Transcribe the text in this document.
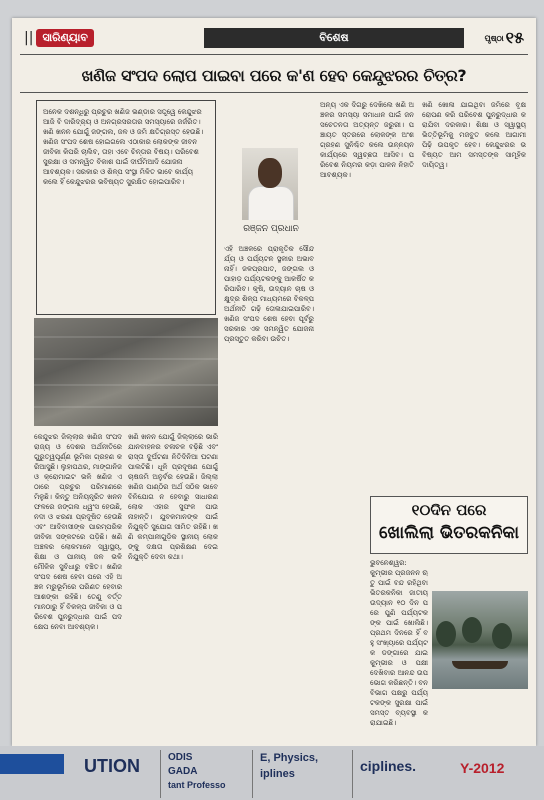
|| ସାରିଣ୍ୟାବ	ବିଶେଷ	ପୃଷ୍ଠା ୧୫
ଖଣିଜ ସଂପଦ ଲୋପ ପାଇବା ପରେ କ'ଣ ହେବ କେନ୍ଦୁଝରର ଚିତ୍ର?
ଅନେକ ଦଶନ୍ଧିରୁ ପ୍ରଚୁର ଖଣିଜ ଭଣ୍ଡାର ସତ୍ତ୍ୱେ କେନ୍ଦୁଝର ଆଜି ବି ଦାରିଦ୍ର୍ୟ ଓ ଅନଗ୍ରସରତାର ସମସ୍ୟାରେ ଜର୍ଜରିତ। ଖଣି ଖନନ ଯୋଗୁଁ ଜଙ୍ଗଲ, ଜଳ ଓ ଜମି କ୍ଷତିଗ୍ରସ୍ତ ହେଉଛି। ଖଣିଜ ସଂପଦ ଶେଷ ହୋଇଗଲେ ଏଠାକାର ଲୋକଙ୍କ ଜୀବନ ଜୀବିକା କିପରି ଚାଲିବ, ତାହା ଏବେ ଚିନ୍ତାର ବିଷୟ। ପରିବେଶ ସୁରକ୍ଷା ଓ ସମନ୍ୱିତ ବିକାଶ ପାଇଁ ଦୀର୍ଘମିଆଦି ଯୋଜନା ଆବଶ୍ୟକ। ସରକାର ଓ ଶିଳ୍ପ ସଂସ୍ଥା ମିଳିତ ଭାବେ କାର୍ଯ୍ୟ କଲେ ହିଁ କେନ୍ଦୁଝରର ଭବିଷ୍ୟତ ସୁରକ୍ଷିତ ହୋଇପାରିବ।
ରଞ୍ଜନ ପ୍ରଧାନ
କେନ୍ଦୁଝର ଜିଲ୍ଲାର ଖଣିଜ ସଂପଦ ରାଜ୍ୟ ଓ ଦେଶର ଅର୍ଥନୀତିରେ ଗୁରୁତ୍ୱପୂର୍ଣ୍ଣ ଭୂମିକା ଗ୍ରହଣ କରିଆସୁଛି। ଲୁହାପଥର, ମାଙ୍ଗାନିଜ ଓ କ୍ରୋମାଇଟ ଭଳି ଖଣିଜ ଏଠାରେ ପ୍ରଚୁର ପରିମାଣରେ ମିଳୁଛି। କିନ୍ତୁ ଅନିୟନ୍ତ୍ରିତ ଖନନ ଫଳରେ ଜଙ୍ଗଲ ଧ୍ୱଂସ ହେଉଛି, ନଦୀ ଓ ଝରଣା ପ୍ରଦୂଷିତ ହେଉଛି ଏବଂ ଆଦିବାସୀଙ୍କ ପାରମ୍ପରିକ ଜୀବିକା ସଙ୍କଟରେ ପଡ଼ିଛି। ଖଣି ଅଞ୍ଚଳର ଲୋକମାନେ ସ୍ୱାସ୍ଥ୍ୟ, ଶିକ୍ଷା ଓ ପାନୀୟ ଜଳ ଭଳି ମୌଳିକ ସୁବିଧାରୁ ବଞ୍ଚିତ। ଖଣିଜ ସଂପଦ ଶେଷ ହେବା ପରେ ଏହି ଅଞ୍ଚଳ ମରୁଭୂମିରେ ପରିଣତ ହେବାର ଆଶଙ୍କା ରହିଛି। ତେଣୁ ବର୍ତ୍ତମାନଠାରୁ ହିଁ ବିକଳ୍ପ ଜୀବିକା ଓ ପରିବେଶ ପୁନରୁଦ୍ଧାର ପାଇଁ ପଦକ୍ଷେପ ନେବା ଆବଶ୍ୟକ।
ଖଣି ଖନନ ଯୋଗୁଁ ଜିଲ୍ଲାରେ ଭାରି ଯାନବାହନର ଚଳାଚଳ ବଢ଼ିଛି ଏବଂ ରାସ୍ତା ଦୁର୍ଘଟଣା ନିତିଦିନିଆ ଘଟଣା ପାଲଟିଛି। ଧୂଳି ପ୍ରଦୂଷଣ ଯୋଗୁଁ ଚାଷଜମି ଅନୁର୍ବର ହେଉଛି। ଜିଲ୍ଲା ଖଣିଜ ପାଣ୍ଠିର ଅର୍ଥ ସଠିକ ଭାବେ ବିନିଯୋଗ ନ ହେବାରୁ ସାଧାରଣ ଲୋକ ଏହାର ସୁଫଳ ପାଉନାହାନ୍ତି। ଯୁବକମାନଙ୍କ ପାଇଁ ନିଯୁକ୍ତି ସୁଯୋଗ ସୀମିତ ରହିଛି। ଖଣି କମ୍ପାନୀଗୁଡ଼ିକ ସ୍ଥାନୀୟ ଲୋକଙ୍କୁ ଦକ୍ଷତା ପ୍ରଶିକ୍ଷଣ ଦେଇ ନିଯୁକ୍ତି ଦେବା କଥା।
ଏହି ଅଞ୍ଚଳରେ ପ୍ରାକୃତିକ ସୌନ୍ଦର୍ଯ୍ୟ ଓ ପର୍ଯ୍ୟଟନ ସ୍ଥଳୀର ଅଭାବ ନାହିଁ। ଜଳପ୍ରପାତ, ଜଙ୍ଗଲ ଓ ପାହାଡ଼ ପର୍ଯ୍ୟଟକଙ୍କୁ ଆକର୍ଷିତ କରିପାରିବ। କୃଷି, ଉଦ୍ୟାନ ଚାଷ ଓ କ୍ଷୁଦ୍ର ଶିଳ୍ପ ମାଧ୍ୟମରେ ବିକଳ୍ପ ଅର୍ଥନୀତି ଗଢ଼ି ତୋଳାଯାଇପାରିବ। ଖଣିଜ ସଂପଦ ଶେଷ ହେବା ପୂର୍ବରୁ ସରକାର ଏକ ସମନ୍ୱିତ ଯୋଜନା ପ୍ରସ୍ତୁତ କରିବା ଉଚିତ।
ଅନ୍ୟ ଏକ ଦିଗରୁ ଦେଖିଲେ ଖଣି ଅଞ୍ଚଳର ସମସ୍ୟା ସମାଧାନ ପାଇଁ ଜନସଚେତନତା ଅତ୍ୟନ୍ତ ଜରୁରୀ। ପଞ୍ଚାୟତ ସ୍ତରରେ ଲୋକଙ୍କ ଅଂଶଗ୍ରହଣ ସୁନିଶ୍ଚିତ କଲେ ଉନ୍ନୟନ କାର୍ଯ୍ୟରେ ସ୍ୱଚ୍ଛତା ଆସିବ। ପରିବେଶ ନିୟମର କଡ଼ା ପାଳନ ନିହାତି ଆବଶ୍ୟକ।
ଖଣି ଖୋଳା ଯାଇଥିବା ଜମିରେ ବୃକ୍ଷରୋପଣ କରି ପରିବେଶ ପୁନରୁଦ୍ଧାର କରାଯିବା ଦରକାର। ଶିକ୍ଷା ଓ ସ୍ୱାସ୍ଥ୍ୟ ଭିତ୍ତିଭୂମିକୁ ମଜବୁତ କଲେ ଆଗାମୀ ପିଢ଼ି ଉପକୃତ ହେବ। କେନ୍ଦୁଝରର ଭବିଷ୍ୟତ ଆମ ସମସ୍ତଙ୍କ ସାମୂହିକ ଦାୟିତ୍ୱ।
୧୦ଦିନ ପରେ
ଖୋଲିଲା ଭିତରକନିକା
ଭୁବନେଶ୍ୱର: କୁମ୍ଭୀର ପ୍ରଜନନ ଋତୁ ପାଇଁ ବନ୍ଦ ରହିଥିବା ଭିତରକନିକା ଜାତୀୟ ଉଦ୍ୟାନ ୧୦ ଦିନ ପରେ ପୁଣି ପର୍ଯ୍ୟଟକଙ୍କ ପାଇଁ ଖୋଲିଛି। ପ୍ରଥମ ଦିନରେ ହିଁ ବହୁ ସଂଖ୍ୟାରେ ପର୍ଯ୍ୟଟକ ଡଙ୍ଗାରେ ଯାଇ କୁମ୍ଭୀର ଓ ପକ୍ଷୀ ଦେଖିବାର ଆନନ୍ଦ ଉପଭୋଗ କରିଛନ୍ତି। ବନ ବିଭାଗ ପକ୍ଷରୁ ପର୍ଯ୍ୟଟକଙ୍କ ସୁରକ୍ଷା ପାଇଁ ସମସ୍ତ ବ୍ୟବସ୍ଥା କରାଯାଇଛି।
UTION	ODIS
GADA
tant Professo
E, Physics,
iplines	ciplines.	Y-2012
